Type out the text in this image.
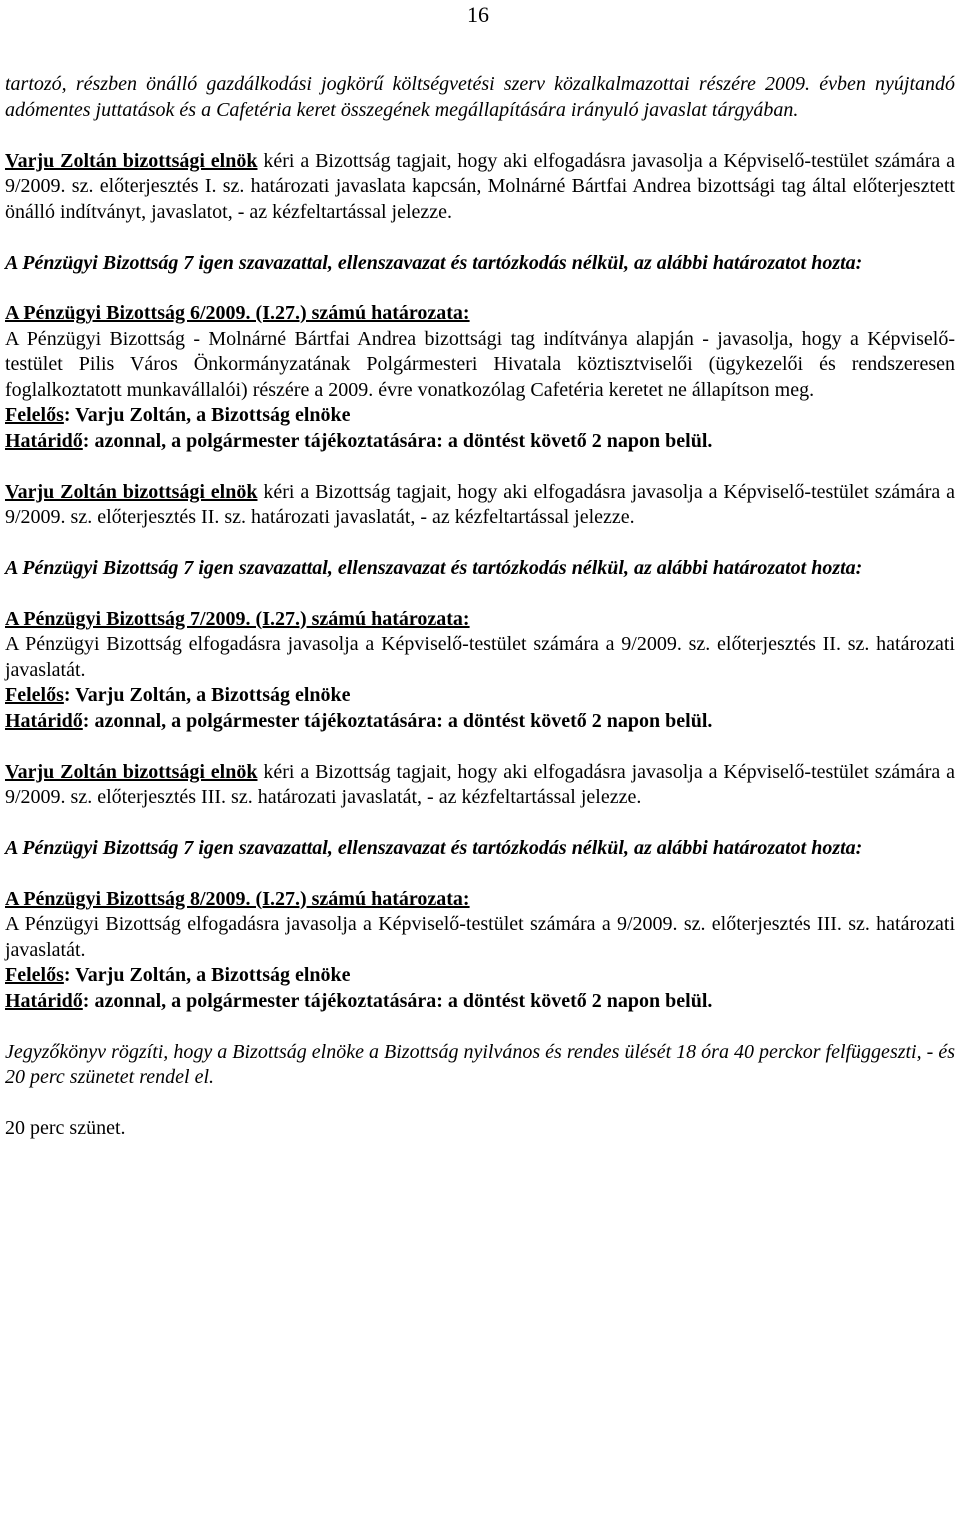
16

tartozó, részben önálló gazdálkodási jogkörű költségvetési szerv közalkalmazottai részére 2009. évben nyújtandó adómentes juttatások és a Cafetéria keret összegének megállapítására irányuló javaslat tárgyában.

Varju Zoltán bizottsági elnök kéri a Bizottság tagjait, hogy aki elfogadásra javasolja a Képviselő-testület számára a 9/2009. sz. előterjesztés I. sz. határozati javaslata kapcsán, Molnárné Bártfai Andrea bizottsági tag által előterjesztett önálló indítványt, javaslatot, - az kézfeltartással jelezze.

A Pénzügyi Bizottság 7 igen szavazattal, ellenszavazat és tartózkodás nélkül, az alábbi határozatot hozta:

A Pénzügyi Bizottság 6/2009. (I.27.) számú határozata:

A Pénzügyi Bizottság - Molnárné Bártfai Andrea bizottsági tag indítványa alapján - javasolja, hogy a Képviselő-testület Pilis Város Önkormányzatának Polgármesteri Hivatala köztisztviselői (ügykezelői és rendszeresen foglalkoztatott munkavállalói) részére a 2009. évre vonatkozólag Cafetéria keretet ne állapítson meg.

Felelős: Varju Zoltán, a Bizottság elnöke

Határidő: azonnal, a polgármester tájékoztatására: a döntést követő 2 napon belül.

Varju Zoltán bizottsági elnök kéri a Bizottság tagjait, hogy aki elfogadásra javasolja a Képviselő-testület számára a 9/2009. sz. előterjesztés II. sz. határozati javaslatát, - az kézfeltartással jelezze.

A Pénzügyi Bizottság 7 igen szavazattal, ellenszavazat és tartózkodás nélkül, az alábbi határozatot hozta:

A Pénzügyi Bizottság 7/2009. (I.27.) számú határozata:

A Pénzügyi Bizottság elfogadásra javasolja a Képviselő-testület számára a 9/2009. sz. előterjesztés II. sz. határozati javaslatát.

Felelős: Varju Zoltán, a Bizottság elnöke

Határidő: azonnal, a polgármester tájékoztatására: a döntést követő 2 napon belül.

Varju Zoltán bizottsági elnök kéri a Bizottság tagjait, hogy aki elfogadásra javasolja a Képviselő-testület számára a 9/2009. sz. előterjesztés III. sz. határozati javaslatát, - az kézfeltartással jelezze.

A Pénzügyi Bizottság 7 igen szavazattal, ellenszavazat és tartózkodás nélkül, az alábbi határozatot hozta:

A Pénzügyi Bizottság 8/2009. (I.27.) számú határozata:

A Pénzügyi Bizottság elfogadásra javasolja a Képviselő-testület számára a 9/2009. sz. előterjesztés III. sz. határozati javaslatát.

Felelős: Varju Zoltán, a Bizottság elnöke

Határidő: azonnal, a polgármester tájékoztatására: a döntést követő 2 napon belül.

Jegyzőkönyv rögzíti, hogy a Bizottság elnöke a Bizottság nyilvános és rendes ülését 18 óra 40 perckor felfüggeszti, - és 20 perc szünetet rendel el.

20 perc szünet.
